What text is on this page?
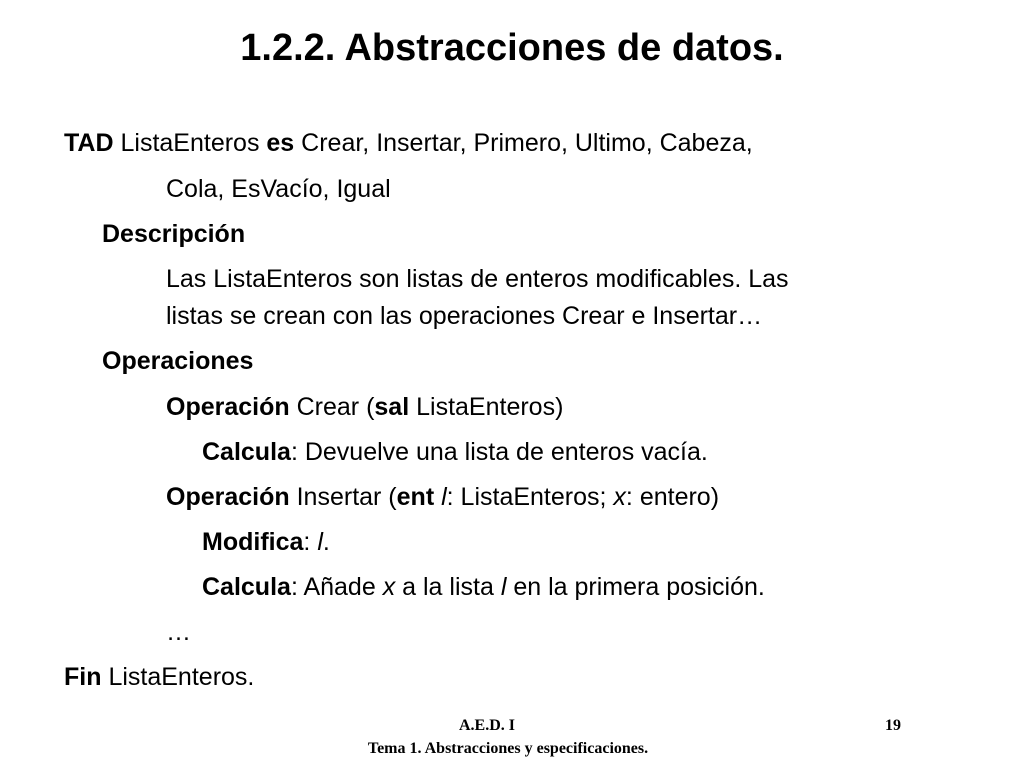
1.2.2. Abstracciones de datos.
TAD ListaEnteros es Crear, Insertar, Primero, Ultimo, Cabeza,
Cola, EsVacío, Igual
Descripción
Las ListaEnteros son listas de enteros modificables. Las
listas se crean con las operaciones Crear e Insertar…
Operaciones
Operación Crear (sal ListaEnteros)
Calcula: Devuelve una lista de enteros vacía.
Operación Insertar (ent l: ListaEnteros; x: entero)
Modifica: l.
Calcula: Añade x a la lista l en la primera posición.
…
Fin ListaEnteros.
A.E.D. I
Tema 1. Abstracciones y especificaciones.
19
